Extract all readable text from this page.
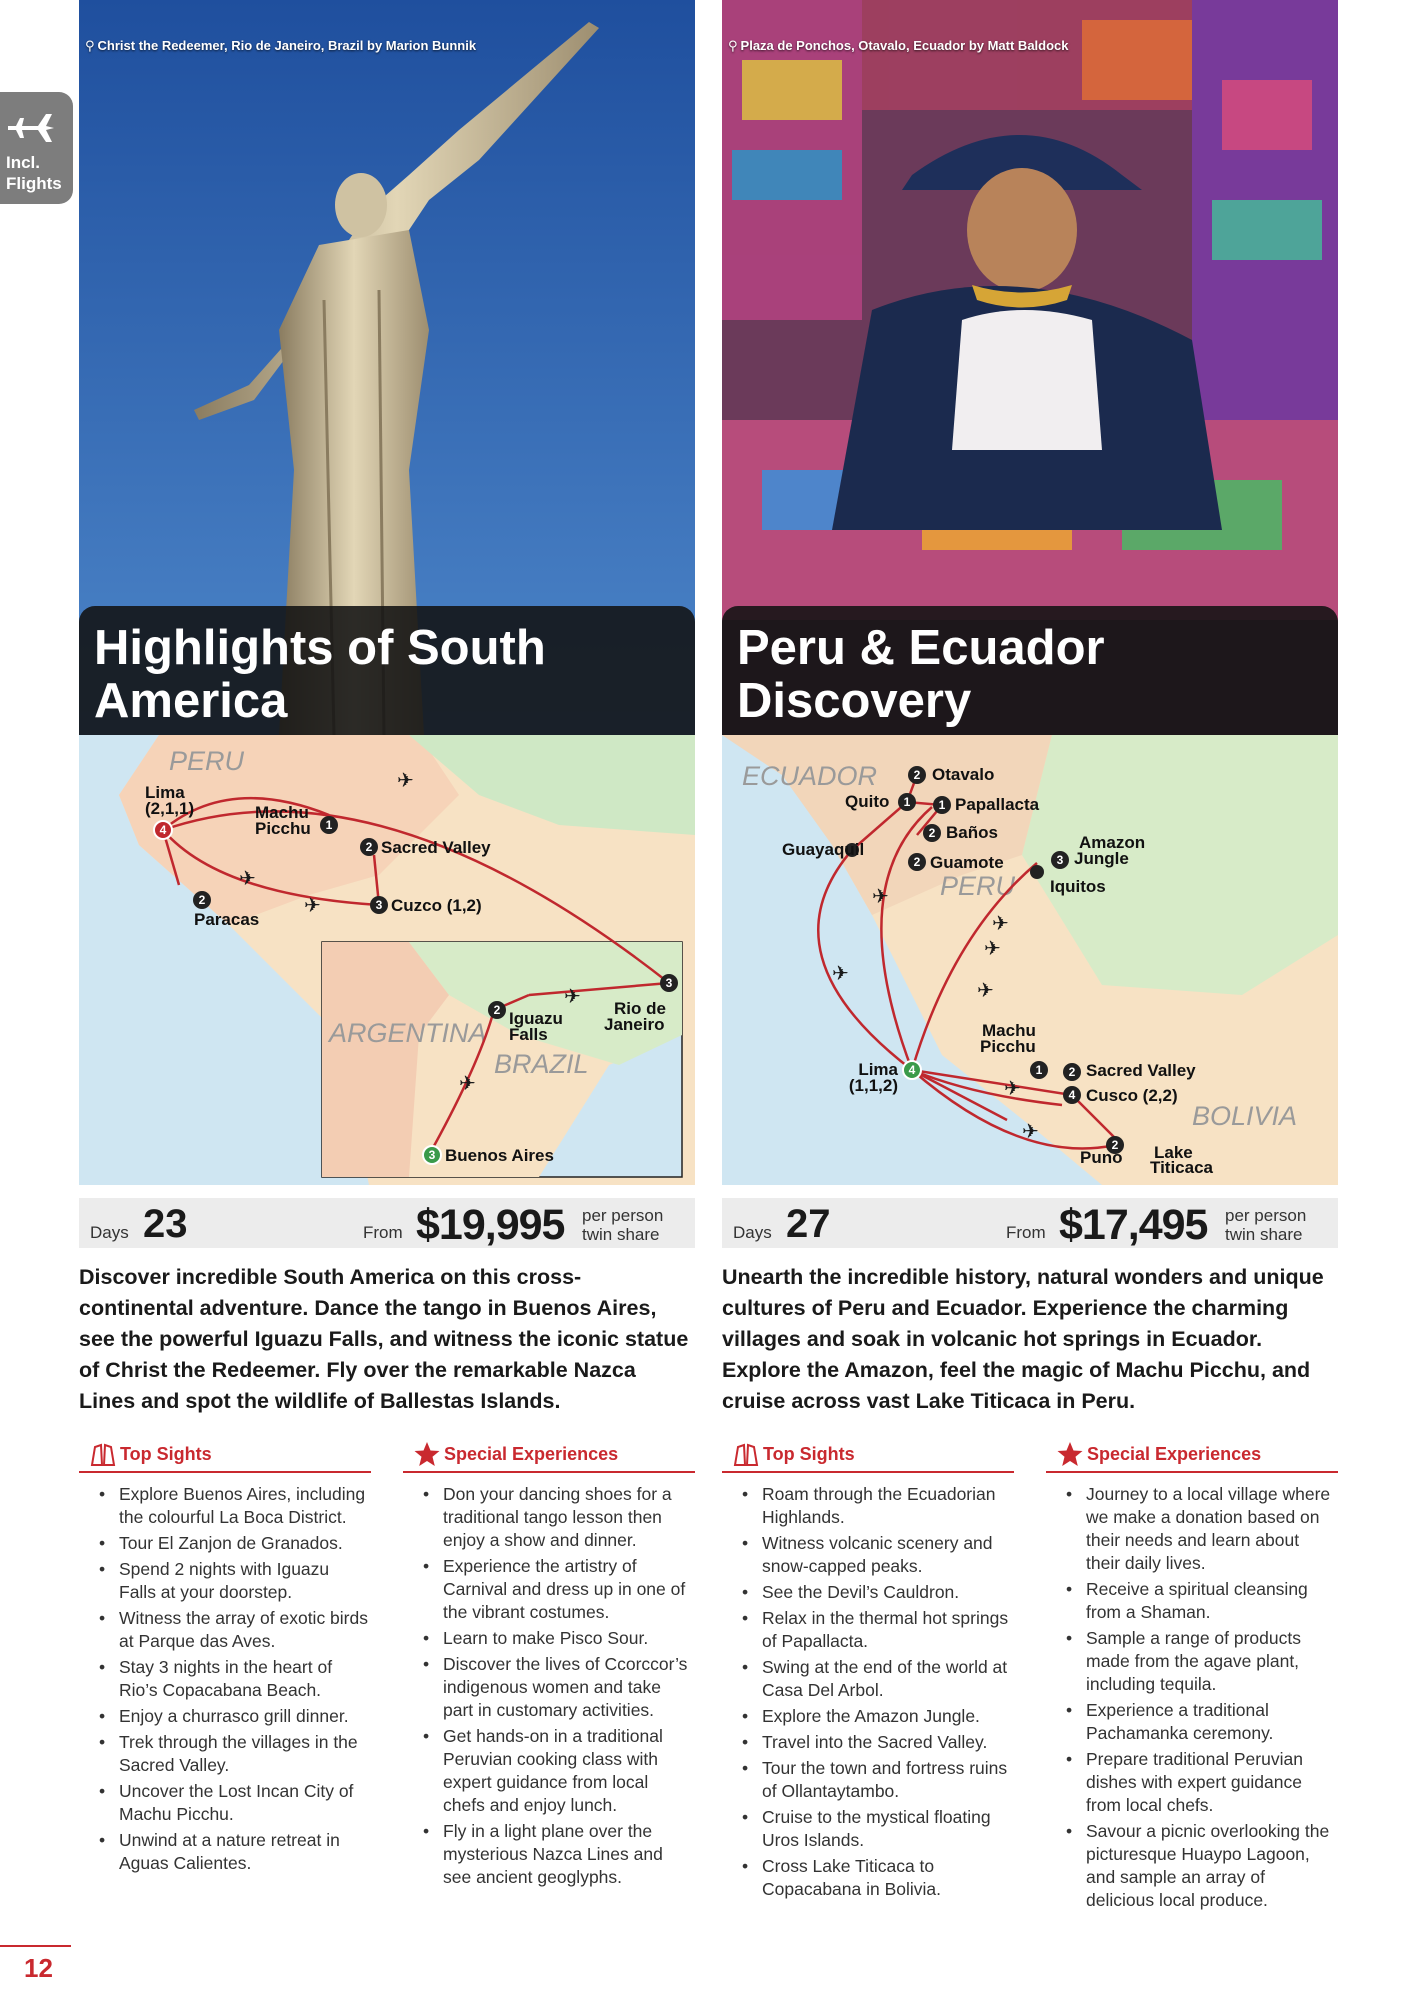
⚲ Christ the Redeemer, Rio de Janeiro, Brazil by Marion Bunnik
Highlights of South America
PERU
ARGENTINA
BRAZIL
Lima
(2,1,1)	Machu
Picchu
Sacred Valley
Paracas
Cuzco (1,2)
Iguazu
Falls
Rio de
Janeiro
Buenos Aires
4	1
2
2	3
2
3
3
✈
✈
✈
✈
✈
Days 23	From $19,995 per person twin share
Discover incredible South America on this cross-continental adventure. Dance the tango in Buenos Aires, see the powerful Iguazu Falls, and witness the iconic statue of Christ the Redeemer. Fly over the remarkable Nazca Lines and spot the wildlife of Ballestas Islands.
Top Sights
• Explore Buenos Aires, including the colourful La Boca District.
• Tour El Zanjon de Granados.
• Spend 2 nights with Iguazu Falls at your doorstep.
• Witness the array of exotic birds at Parque das Aves.
• Stay 3 nights in the heart of Rio’s Copacabana Beach.
• Enjoy a churrasco grill dinner.
• Trek through the villages in the Sacred Valley.
• Uncover the Lost Incan City of Machu Picchu.
• Unwind at a nature retreat in Aguas Calientes.
Special Experiences
• Don your dancing shoes for a traditional tango lesson then enjoy a show and dinner.
• Experience the artistry of Carnival and dress up in one of the vibrant costumes.
• Learn to make Pisco Sour.
• Discover the lives of Ccorccor’s indigenous women and take part in customary activities.
• Get hands-on in a traditional Peruvian cooking class with expert guidance from local chefs and enjoy lunch.
• Fly in a light plane over the mysterious Nazca Lines and see ancient geoglyphs.
⚲ Plaza de Ponchos, Otavalo, Ecuador by Matt Baldock
Peru & Ecuador Discovery
ECUADOR
PERU
BOLIVIA
Otavalo
Quito	Papallacta
Baños
Guayaquil
Guamote
Amazon
Jungle
Iquitos
Machu
Picchu
Sacred Valley
Lima
(1,1,2)
Cusco (2,2)
Puno Lake
Titicaca
2
1 1
2
2	3
1 2
4
4
2
✈
✈
✈
✈
✈
✈
✈
Days 27	From $17,495 per person twin share
Unearth the incredible history, natural wonders and unique cultures of Peru and Ecuador. Experience the charming villages and soak in volcanic hot springs in Ecuador. Explore the Amazon, feel the magic of Machu Picchu, and cruise across vast Lake Titicaca in Peru.
Top Sights
• Roam through the Ecuadorian Highlands.
• Witness volcanic scenery and snow-capped peaks.
• See the Devil’s Cauldron.
• Relax in the thermal hot springs of Papallacta.
• Swing at the end of the world at Casa Del Arbol.
• Explore the Amazon Jungle.
• Travel into the Sacred Valley.
• Tour the town and fortress ruins of Ollantaytambo.
• Cruise to the mystical floating Uros Islands.
• Cross Lake Titicaca to Copacabana in Bolivia.
Special Experiences
• Journey to a local village where we make a donation based on their needs and learn about their daily lives.
• Receive a spiritual cleansing from a Shaman.
• Sample a range of products made from the agave plant, including tequila.
• Experience a traditional Pachamanka ceremony.
• Prepare traditional Peruvian dishes with expert guidance from local chefs.
• Savour a picnic overlooking the picturesque Huaypo Lagoon, and sample an array of delicious local produce.
Incl.
Flights
12
